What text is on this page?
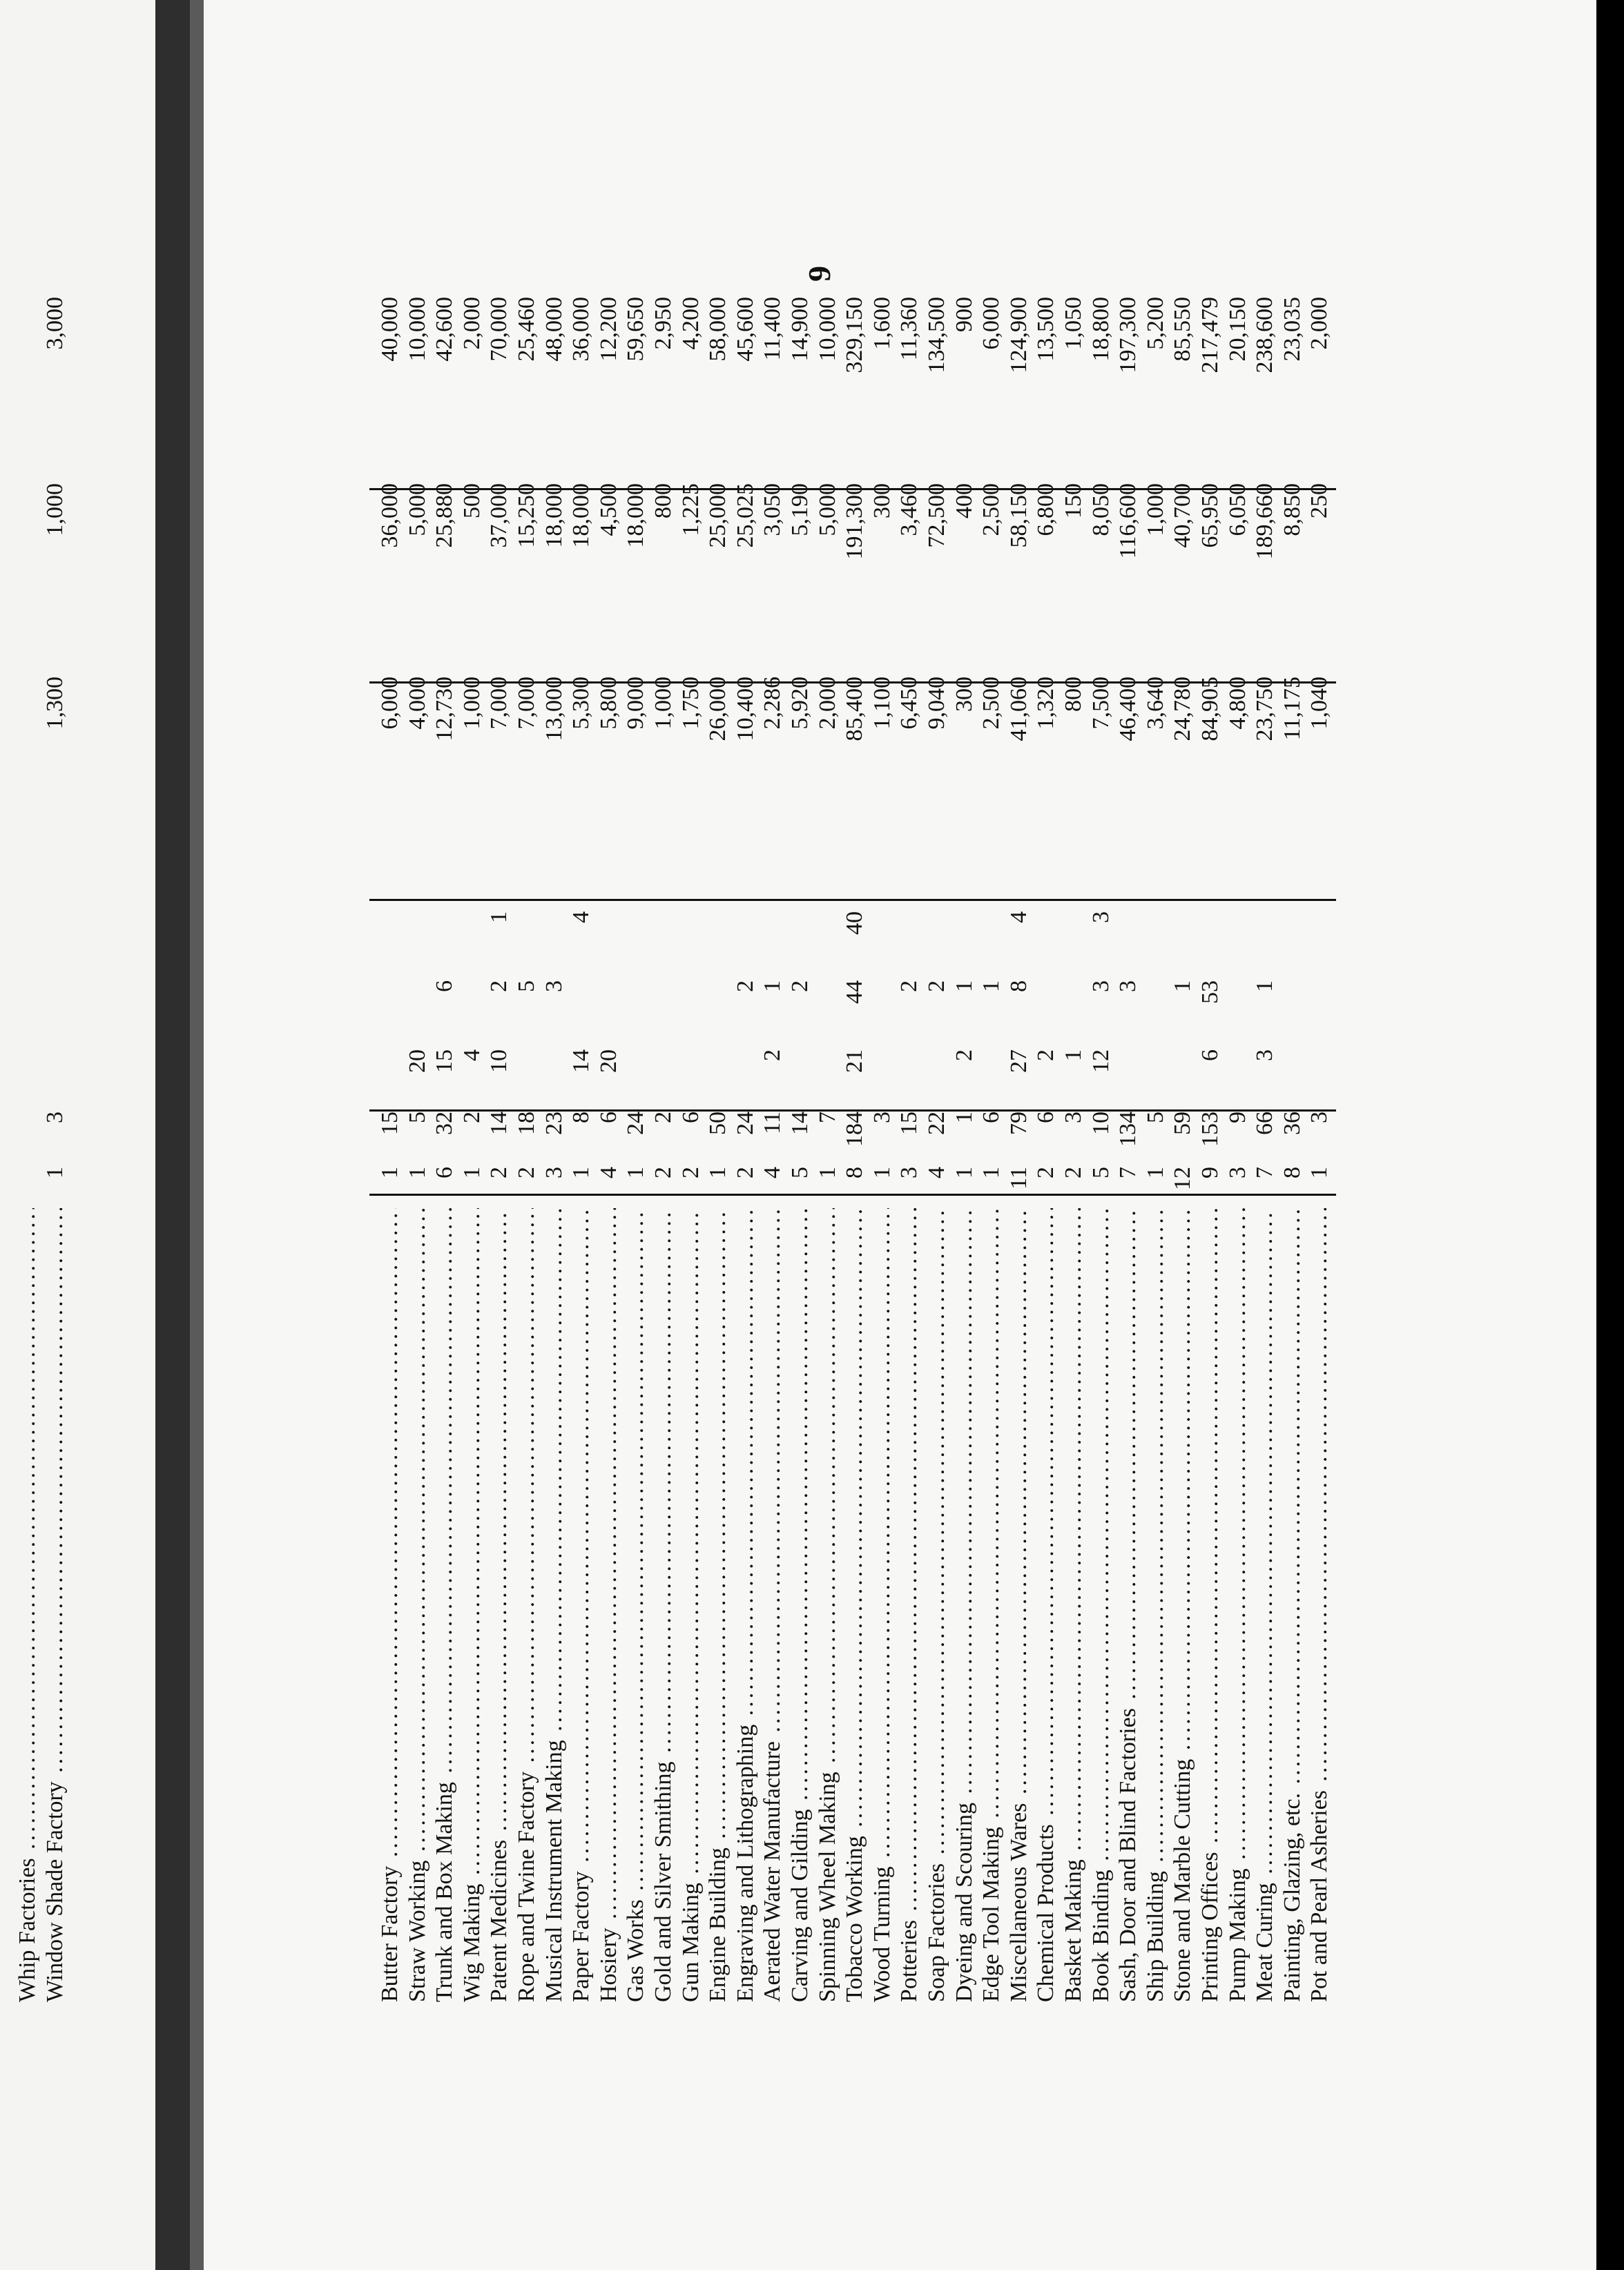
Whip Factories ..... Window Shade Factory .....
1
3
1,300
1,000
3,000
9
Butter Factory .....
1
15
6,000
36,000
40,000
Straw Working .....
1
5
20
4,000
5,000
10,000
Trunk and Box Making .....
6
32
15
6
12,730
25,880
42,600
Wig Making .....
1
2
4
1,000
500
2,000
Patent Medicines .....
2
14
10
2
1
7,000
37,000
70,000
Rope and Twine Factory .....
2
18
5
7,000
15,250
25,460
Musical Instrument Making .....
3
23
3
13,000
18,000
48,000
Paper Factory .....
1
8
14
4
5,300
18,000
36,000
Hosiery .....
4
6
20
5,800
4,500
12,200
Gas Works .....
1
24
9,000
18,000
59,650
Gold and Silver Smithing .....
2
2
1,000
800
2,950
Gun Making .....
2
6
1,750
1,225
4,200
Engine Building .....
1
50
26,000
25,000
58,000
Engraving and Lithographing .....
2
24
2
10,400
25,025
45,600
Aerated Water Manufacture .....
4
11
2
1
2,286
3,050
11,400
Carving and Gilding .....
5
14
2
5,920
5,190
14,900
Spinning Wheel Making .....
1
7
2,000
5,000
10,000
Tobacco Working .....
8
184
21
44
40
85,400
191,300
329,150
Wood Turning .....
1
3
1,100
300
1,600
Potteries .....
3
15
2
6,450
3,460
11,360
Soap Factories .....
4
22
2
9,040
72,500
134,500
Dyeing and Scouring .....
1
1
2
1
300
400
900
Edge Tool Making .....
1
6
1
2,500
2,500
6,000
Miscellaneous Wares .....
11
79
27
8
4
41,060
58,150
124,900
Chemical Products .....
2
6
2
1,320
6,800
13,500
Basket Making .....
2
3
1
800
150
1,050
Book Binding .....
5
10
12
3
3
7,500
8,050
18,800
Sash, Door and Blind Factories .....
7
134
3
46,400
116,600
197,300
Ship Building .....
1
5
3,640
1,000
5,200
Stone and Marble Cutting .....
12
59
1
24,780
40,700
85,550
Printing Offices .....
9
153
6
53
84,905
65,950
217,479
Pump Making .....
3
9
4,800
6,050
20,150
Meat Curing .....
7
66
3
1
23,750
189,660
238,600
Painting, Glazing, etc. .....
8
36
11,175
8,850
23,035
Pot and Pearl Asheries .....
1
3
1,040
250
2,000
